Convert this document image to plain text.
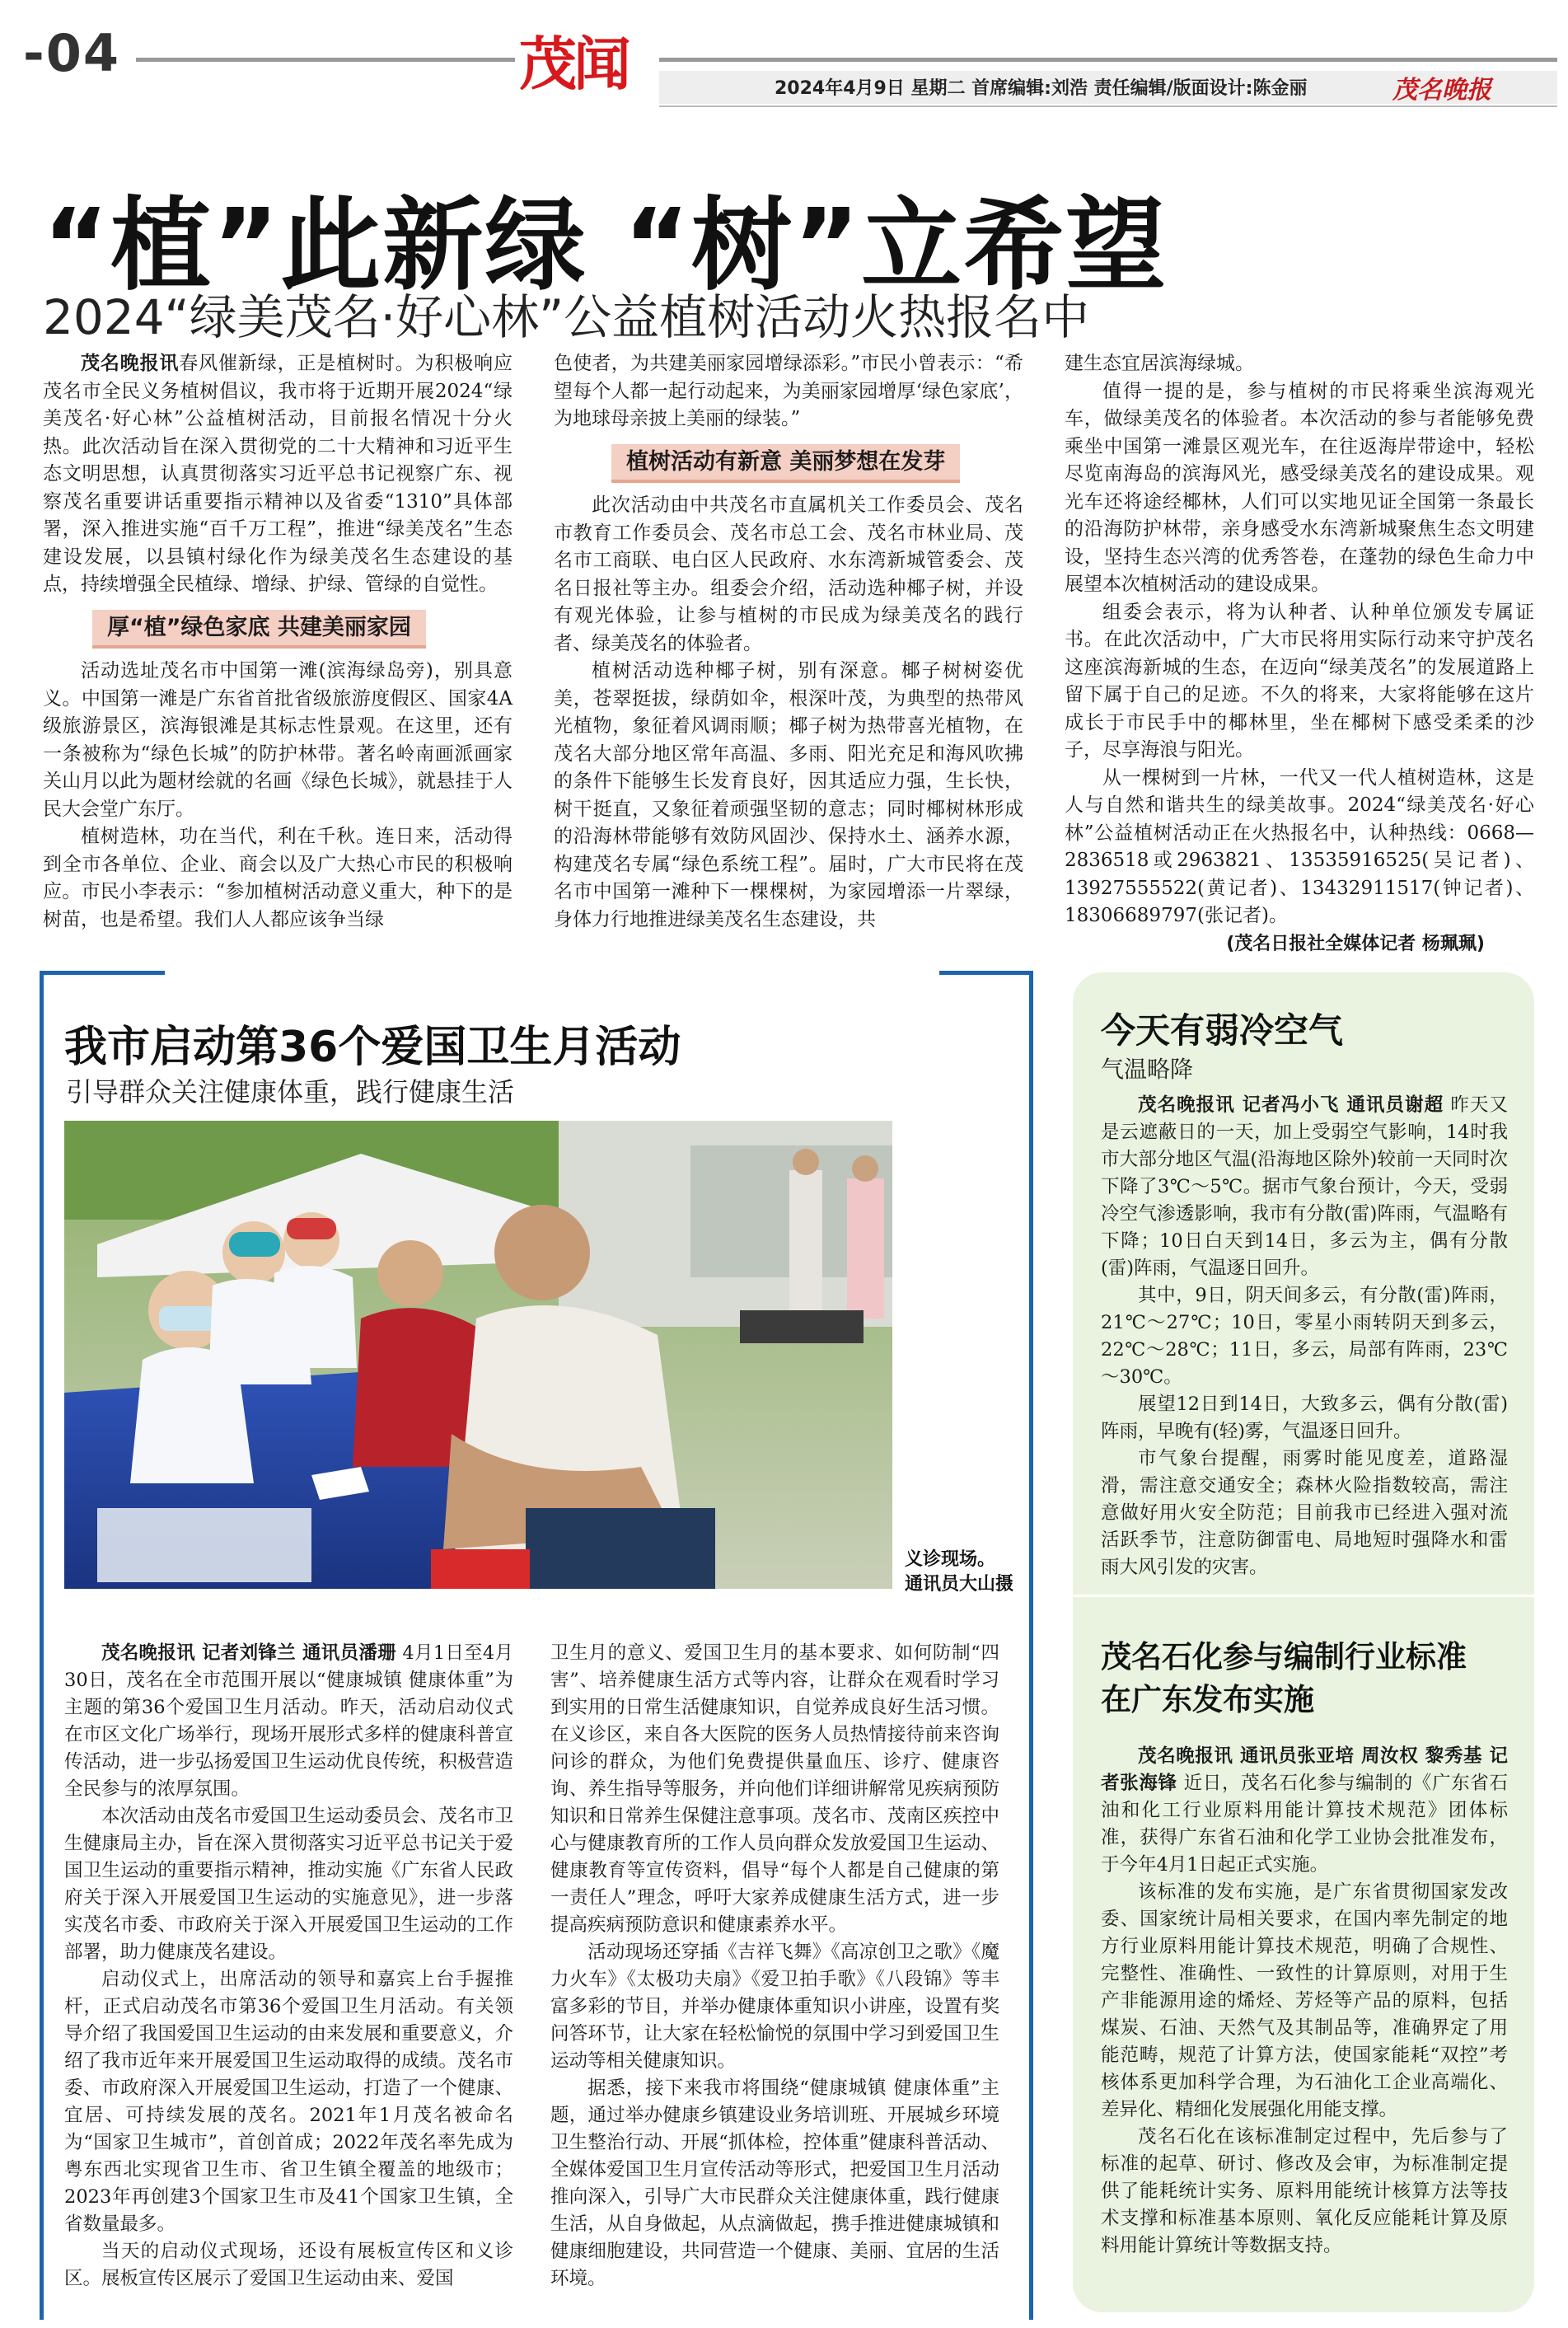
-04	茂闻	2024年4月9日 星期二 首席编辑:刘浩 责任编辑/版面设计:陈金丽	茂名晚报
“植”此新绿 “树”立希望
2024“绿美茂名·好心林”公益植树活动火热报名中

茂名晚报讯春风催新绿，正是植树时。为积极响应茂名市全民义务植树倡议，我市将于近期开展2024“绿美茂名·好心林”公益植树活动，目前报名情况十分火热。此次活动旨在深入贯彻党的二十大精神和习近平生态文明思想，认真贯彻落实习近平总书记视察广东、视察茂名重要讲话重要指示精神以及省委“1310”具体部署，深入推进实施“百千万工程”，推进“绿美茂名”生态建设发展，以县镇村绿化作为绿美茂名生态建设的基点，持续增强全民植绿、增绿、护绿、管绿的自觉性。

厚“植”绿色家底 共建美丽家园

活动选址茂名市中国第一滩(滨海绿岛旁)，别具意义。中国第一滩是广东省首批省级旅游度假区、国家4A级旅游景区，滨海银滩是其标志性景观。在这里，还有一条被称为“绿色长城”的防护林带。著名岭南画派画家关山月以此为题材绘就的名画《绿色长城》，就悬挂于人民大会堂广东厅。

植树造林，功在当代，利在千秋。连日来，活动得到全市各单位、企业、商会以及广大热心市民的积极响应。市民小李表示：“参加植树活动意义重大，种下的是树苗，也是希望。我们人人都应该争当绿

色使者，为共建美丽家园增绿添彩。”市民小曾表示：“希望每个人都一起行动起来，为美丽家园增厚‘绿色家底’，为地球母亲披上美丽的绿装。”

植树活动有新意 美丽梦想在发芽

此次活动由中共茂名市直属机关工作委员会、茂名市教育工作委员会、茂名市总工会、茂名市林业局、茂名市工商联、电白区人民政府、水东湾新城管委会、茂名日报社等主办。组委会介绍，活动选种椰子树，并设有观光体验，让参与植树的市民成为绿美茂名的践行者、绿美茂名的体验者。

植树活动选种椰子树，别有深意。椰子树树姿优美，苍翠挺拔，绿荫如伞，根深叶茂，为典型的热带风光植物，象征着风调雨顺；椰子树为热带喜光植物，在茂名大部分地区常年高温、多雨、阳光充足和海风吹拂的条件下能够生长发育良好，因其适应力强，生长快，树干挺直，又象征着顽强坚韧的意志；同时椰树林形成的沿海林带能够有效防风固沙、保持水土、涵养水源，构建茂名专属“绿色系统工程”。届时，广大市民将在茂名市中国第一滩种下一棵棵树，为家园增添一片翠绿，身体力行地推进绿美茂名生态建设，共

建生态宜居滨海绿城。

值得一提的是，参与植树的市民将乘坐滨海观光车，做绿美茂名的体验者。本次活动的参与者能够免费乘坐中国第一滩景区观光车，在往返海岸带途中，轻松尽览南海岛的滨海风光，感受绿美茂名的建设成果。观光车还将途经椰林，人们可以实地见证全国第一条最长的沿海防护林带，亲身感受水东湾新城聚焦生态文明建设，坚持生态兴湾的优秀答卷，在蓬勃的绿色生命力中展望本次植树活动的建设成果。

组委会表示，将为认种者、认种单位颁发专属证书。在此次活动中，广大市民将用实际行动来守护茂名这座滨海新城的生态，在迈向“绿美茂名”的发展道路上留下属于自己的足迹。不久的将来，大家将能够在这片成长于市民手中的椰林里，坐在椰树下感受柔柔的沙子，尽享海浪与阳光。

从一棵树到一片林，一代又一代人植树造林，这是人与自然和谐共生的绿美故事。2024“绿美茂名·好心林”公益植树活动正在火热报名中，认种热线：0668—2836518或2963821、13535916525(吴记者)、13927555522(黄记者)、13432911517(钟记者)、18306689797(张记者)。

(茂名日报社全媒体记者 杨珮珮)
我市启动第36个爱国卫生月活动
引导群众关注健康体重，践行健康生活
义诊现场。
通讯员大山摄

茂名晚报讯 记者刘锋兰 通讯员潘珊 4月1日至4月30日，茂名在全市范围开展以“健康城镇 健康体重”为主题的第36个爱国卫生月活动。昨天，活动启动仪式在市区文化广场举行，现场开展形式多样的健康科普宣传活动，进一步弘扬爱国卫生运动优良传统，积极营造全民参与的浓厚氛围。

本次活动由茂名市爱国卫生运动委员会、茂名市卫生健康局主办，旨在深入贯彻落实习近平总书记关于爱国卫生运动的重要指示精神，推动实施《广东省人民政府关于深入开展爱国卫生运动的实施意见》，进一步落实茂名市委、市政府关于深入开展爱国卫生运动的工作部署，助力健康茂名建设。

启动仪式上，出席活动的领导和嘉宾上台手握推杆，正式启动茂名市第36个爱国卫生月活动。有关领导介绍了我国爱国卫生运动的由来发展和重要意义，介绍了我市近年来开展爱国卫生运动取得的成绩。茂名市委、市政府深入开展爱国卫生运动，打造了一个健康、宜居、可持续发展的茂名。2021年1月茂名被命名为“国家卫生城市”，首创首成；2022年茂名率先成为粤东西北实现省卫生市、省卫生镇全覆盖的地级市；2023年再创建3个国家卫生市及41个国家卫生镇，全省数量最多。

当天的启动仪式现场，还设有展板宣传区和义诊区。展板宣传区展示了爱国卫生运动由来、爱国

卫生月的意义、爱国卫生月的基本要求、如何防制“四害”、培养健康生活方式等内容，让群众在观看时学习到实用的日常生活健康知识，自觉养成良好生活习惯。在义诊区，来自各大医院的医务人员热情接待前来咨询问诊的群众，为他们免费提供量血压、诊疗、健康咨询、养生指导等服务，并向他们详细讲解常见疾病预防知识和日常养生保健注意事项。茂名市、茂南区疾控中心与健康教育所的工作人员向群众发放爱国卫生运动、健康教育等宣传资料，倡导“每个人都是自己健康的第一责任人”理念，呼吁大家养成健康生活方式，进一步提高疾病预防意识和健康素养水平。

活动现场还穿插《吉祥飞舞》《高凉创卫之歌》《魔力火车》《太极功夫扇》《爱卫拍手歌》《八段锦》等丰富多彩的节目，并举办健康体重知识小讲座，设置有奖问答环节，让大家在轻松愉悦的氛围中学习到爱国卫生运动等相关健康知识。

据悉，接下来我市将围绕“健康城镇 健康体重”主题，通过举办健康乡镇建设业务培训班、开展城乡环境卫生整治行动、开展“抓体检，控体重”健康科普活动、全媒体爱国卫生月宣传活动等形式，把爱国卫生月活动推向深入，引导广大市民群众关注健康体重，践行健康生活，从自身做起，从点滴做起，携手推进健康城镇和健康细胞建设，共同营造一个健康、美丽、宜居的生活环境。

今天有弱冷空气
气温略降

茂名晚报讯 记者冯小飞 通讯员谢超 昨天又是云遮蔽日的一天，加上受弱空气影响，14时我市大部分地区气温(沿海地区除外)较前一天同时次下降了3℃～5℃。据市气象台预计，今天，受弱冷空气渗透影响，我市有分散(雷)阵雨，气温略有下降；10日白天到14日，多云为主，偶有分散(雷)阵雨，气温逐日回升。

其中，9日，阴天间多云，有分散(雷)阵雨，21℃～27℃；10日，零星小雨转阴天到多云，22℃～28℃；11日，多云，局部有阵雨，23℃～30℃。

展望12日到14日，大致多云，偶有分散(雷)阵雨，早晚有(轻)雾，气温逐日回升。

市气象台提醒，雨雾时能见度差，道路湿滑，需注意交通安全；森林火险指数较高，需注意做好用火安全防范；目前我市已经进入强对流活跃季节，注意防御雷电、局地短时强降水和雷雨大风引发的灾害。

茂名石化参与编制行业标准
在广东发布实施

茂名晚报讯 通讯员张亚培 周汝权 黎秀基 记者张海锋 近日，茂名石化参与编制的《广东省石油和化工行业原料用能计算技术规范》团体标准，获得广东省石油和化学工业协会批准发布，于今年4月1日起正式实施。

该标准的发布实施，是广东省贯彻国家发改委、国家统计局相关要求，在国内率先制定的地方行业原料用能计算技术规范，明确了合规性、完整性、准确性、一致性的计算原则，对用于生产非能源用途的烯烃、芳烃等产品的原料，包括煤炭、石油、天然气及其制品等，准确界定了用能范畴，规范了计算方法，使国家能耗“双控”考核体系更加科学合理，为石油化工企业高端化、差异化、精细化发展强化用能支撑。

茂名石化在该标准制定过程中，先后参与了标准的起草、研讨、修改及会审，为标准制定提供了能耗统计实务、原料用能统计核算方法等技术支撑和标准基本原则、氧化反应能耗计算及原料用能计算统计等数据支持。
